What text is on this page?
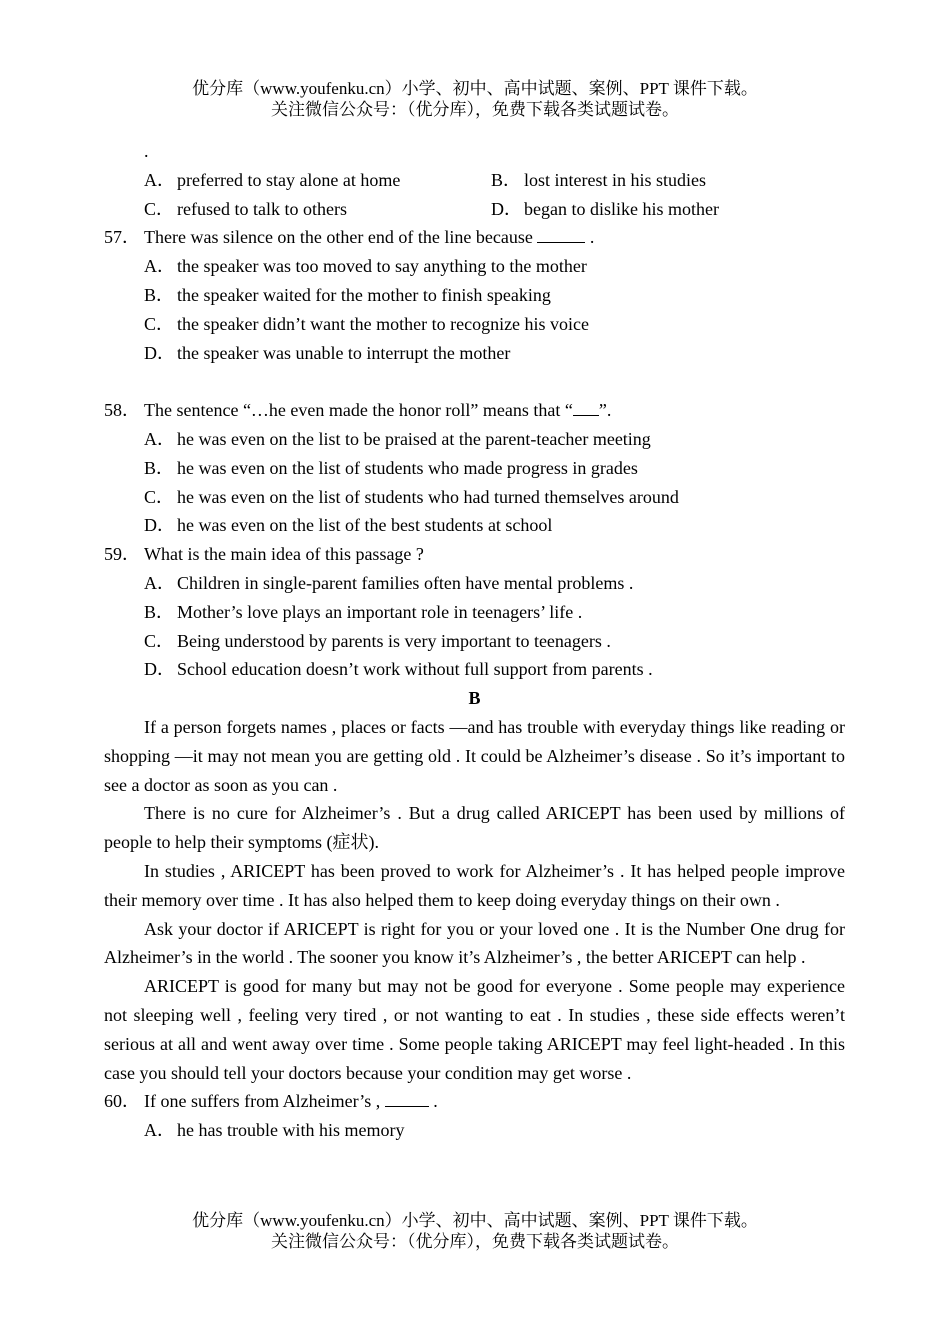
优分库（www.youfenku.cn）小学、初中、高中试题、案例、PPT 课件下载。
关注微信公众号：（优分库），免费下载各类试题试卷。
.
A． preferred to stay alone at home	B． lost interest in his studies
C． refused to talk to others	D． began to dislike his mother
57． There was silence on the other end of the line because	.
A． the speaker was too moved to say anything to the mother
B． the speaker waited for the mother to finish speaking
C． the speaker didn’t want the mother to recognize his voice
D． the speaker was unable to interrupt the mother
58． The sentence “…he even made the honor roll” means that “ ”.
A． he was even on the list to be praised at the parent-teacher meeting
B． he was even on the list of students who made progress in grades
C． he was even on the list of students who had turned themselves around
D． he was even on the list of the best students at school
59． What is the main idea of this passage ?
A． Children in single-parent families often have mental problems .
B． Mother’s love plays an important role in teenagers’ life .
C． Being understood by parents is very important to teenagers .
D． School education doesn’t work without full support from parents .
B

If a person forgets names , places or facts —and has trouble with everyday things like reading or shopping —it may not mean you are getting old . It could be Alzheimer’s disease . So it’s important to see a doctor as soon as you can .

There is no cure for Alzheimer’s . But a drug called ARICEPT has been used by millions of people to help their symptoms (症状).

In studies , ARICEPT has been proved to work for Alzheimer’s . It has helped people improve their memory over time . It has also helped them to keep doing everyday things on their own .

Ask your doctor if ARICEPT is right for you or your loved one . It is the Number One drug for Alzheimer’s in the world . The sooner you know it’s Alzheimer’s , the better ARICEPT can help .

ARICEPT is good for many but may not be good for everyone . Some people may experience not sleeping well , feeling very tired , or not wanting to eat . In studies , these side effects weren’t serious at all and went away over time . Some people taking ARICEPT may feel light-headed . In this case you should tell your doctors because your condition may get worse .

60． If one suffers from Alzheimer’s ,	.
A． he has trouble with his memory
优分库（www.youfenku.cn）小学、初中、高中试题、案例、PPT 课件下载。
关注微信公众号：（优分库），免费下载各类试题试卷。
